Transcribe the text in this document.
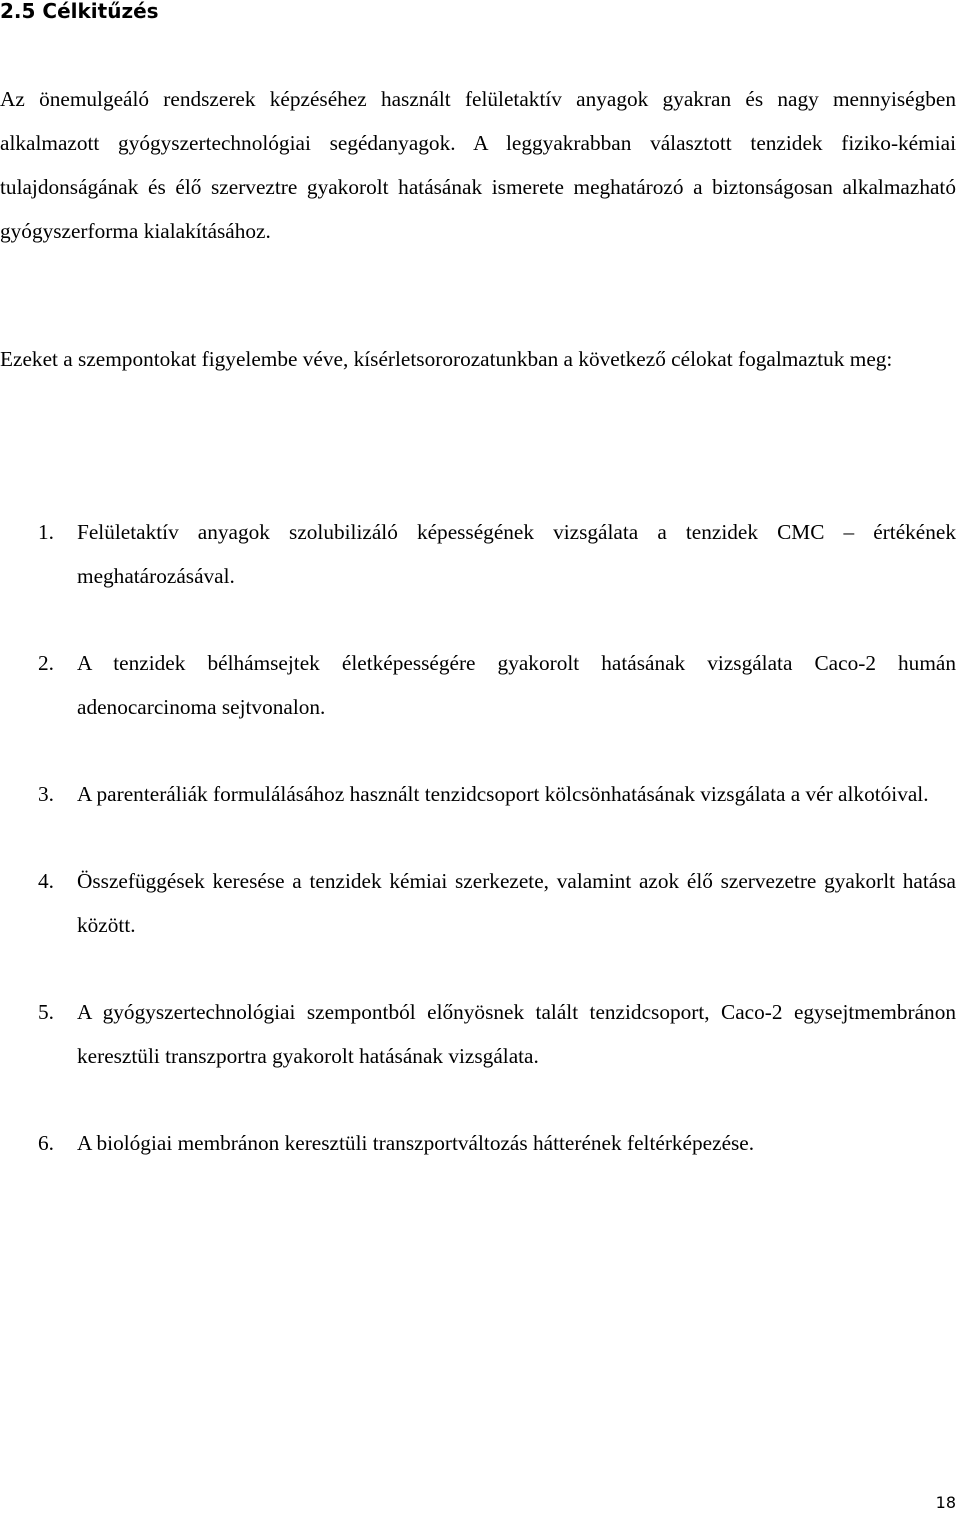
2.5 Célkitűzés

Az önemulgeáló rendszerek képzéséhez használt felületaktív anyagok gyakran és nagy mennyiségben alkalmazott gyógyszertechnológiai segédanyagok. A leggyakrabban választott tenzidek fiziko-kémiai tulajdonságának és élő szerveztre gyakorolt hatásának ismerete meghatározó a biztonságosan alkalmazható gyógyszerforma kialakításához.

Ezeket a szempontokat figyelembe véve, kísérletsororozatunkban a következő célokat fogalmaztuk meg:

1. Felületaktív anyagok szolubilizáló képességének vizsgálata a tenzidek CMC – értékének meghatározásával.
2. A tenzidek bélhámsejtek életképességére gyakorolt hatásának vizsgálata Caco-2 humán adenocarcinoma sejtvonalon.
3. A parenteráliák formulálásához használt tenzidcsoport kölcsönhatásának vizsgálata a vér alkotóival.
4. Összefüggések keresése a tenzidek kémiai szerkezete, valamint azok élő szervezetre gyakorlt hatása között.
5. A gyógyszertechnológiai szempontból előnyösnek talált tenzidcsoport, Caco-2 egysejtmembránon keresztüli transzportra gyakorolt hatásának vizsgálata.
6. A biológiai membránon keresztüli transzportváltozás hátterének feltérképezése.
18
